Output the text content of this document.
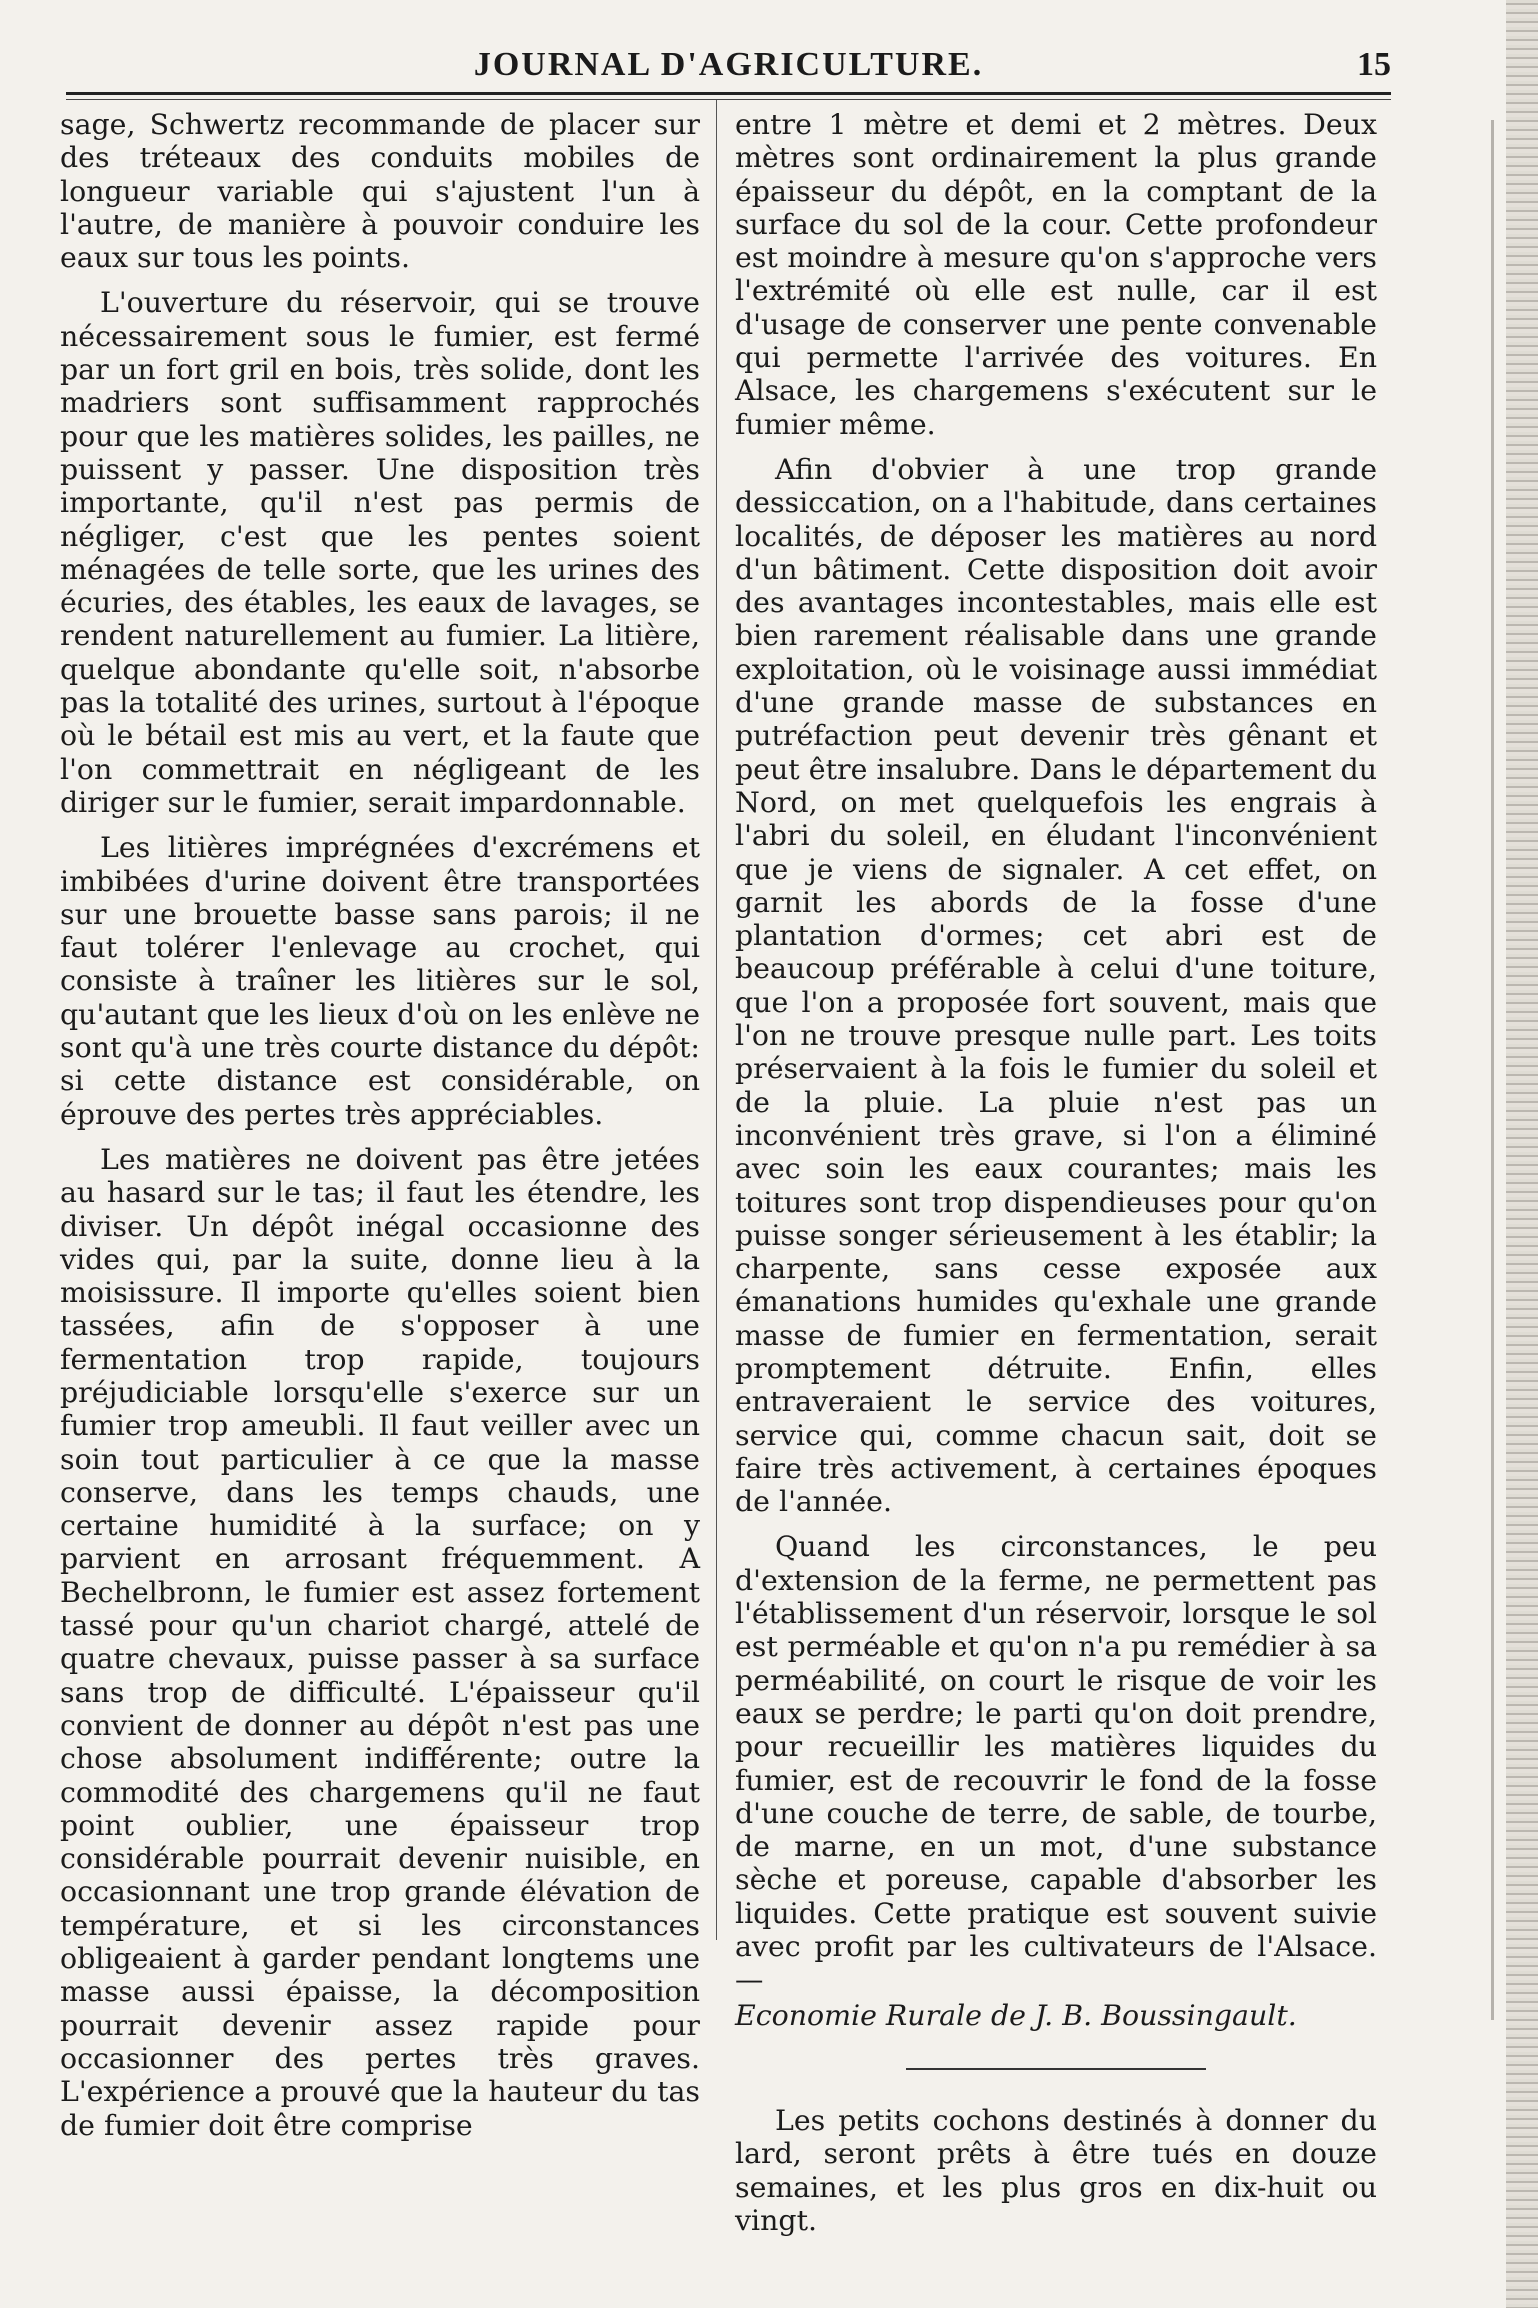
JOURNAL D'AGRICULTURE.	15

sage, Schwertz recommande de placer sur des tréteaux des conduits mobiles de longueur variable qui s'ajustent l'un à l'autre, de manière à pouvoir conduire les eaux sur tous les points.

L'ouverture du réservoir, qui se trouve nécessairement sous le fumier, est fermé par un fort gril en bois, très solide, dont les madriers sont suffisamment rapprochés pour que les matières solides, les pailles, ne puissent y passer. Une disposition très importante, qu'il n'est pas permis de négliger, c'est que les pentes soient ménagées de telle sorte, que les urines des écuries, des étables, les eaux de lavages, se rendent naturellement au fumier. La litière, quelque abondante qu'elle soit, n'absorbe pas la totalité des urines, surtout à l'époque où le bétail est mis au vert, et la faute que l'on commettrait en négligeant de les diriger sur le fumier, serait impardonnable.

Les litières imprégnées d'excrémens et imbibées d'urine doivent être transportées sur une brouette basse sans parois; il ne faut tolérer l'enlevage au crochet, qui consiste à traîner les litières sur le sol, qu'autant que les lieux d'où on les enlève ne sont qu'à une très courte distance du dépôt: si cette distance est considérable, on éprouve des pertes très appréciables.

Les matières ne doivent pas être jetées au hasard sur le tas; il faut les étendre, les diviser. Un dépôt inégal occasionne des vides qui, par la suite, donne lieu à la moisissure. Il importe qu'elles soient bien tassées, afin de s'opposer à une fermentation trop rapide, toujours préjudiciable lorsqu'elle s'exerce sur un fumier trop ameubli. Il faut veiller avec un soin tout particulier à ce que la masse conserve, dans les temps chauds, une certaine humidité à la surface; on y parvient en arrosant fréquemment. A Bechelbronn, le fumier est assez fortement tassé pour qu'un chariot chargé, attelé de quatre chevaux, puisse passer à sa surface sans trop de difficulté. L'épaisseur qu'il convient de donner au dépôt n'est pas une chose absolument indifférente; outre la commodité des chargemens qu'il ne faut point oublier, une épaisseur trop considérable pourrait devenir nuisible, en occasionnant une trop grande élévation de température, et si les circonstances obligeaient à garder pendant longtems une masse aussi épaisse, la décomposition pourrait devenir assez rapide pour occasionner des pertes très graves. L'expérience a prouvé que la hauteur du tas de fumier doit être comprise

entre 1 mètre et demi et 2 mètres. Deux mètres sont ordinairement la plus grande épaisseur du dépôt, en la comptant de la surface du sol de la cour. Cette profondeur est moindre à mesure qu'on s'approche vers l'extrémité où elle est nulle, car il est d'usage de conserver une pente convenable qui permette l'arrivée des voitures. En Alsace, les chargemens s'exécutent sur le fumier même.

Afin d'obvier à une trop grande dessiccation, on a l'habitude, dans certaines localités, de déposer les matières au nord d'un bâtiment. Cette disposition doit avoir des avantages incontestables, mais elle est bien rarement réalisable dans une grande exploitation, où le voisinage aussi immédiat d'une grande masse de substances en putréfaction peut devenir très gênant et peut être insalubre. Dans le département du Nord, on met quelquefois les engrais à l'abri du soleil, en éludant l'inconvénient que je viens de signaler. A cet effet, on garnit les abords de la fosse d'une plantation d'ormes; cet abri est de beaucoup préférable à celui d'une toiture, que l'on a proposée fort souvent, mais que l'on ne trouve presque nulle part. Les toits préservaient à la fois le fumier du soleil et de la pluie. La pluie n'est pas un inconvénient très grave, si l'on a éliminé avec soin les eaux courantes; mais les toitures sont trop dispendieuses pour qu'on puisse songer sérieusement à les établir; la charpente, sans cesse exposée aux émanations humides qu'exhale une grande masse de fumier en fermentation, serait promptement détruite. Enfin, elles entraveraient le service des voitures, service qui, comme chacun sait, doit se faire très activement, à certaines époques de l'année.

Quand les circonstances, le peu d'extension de la ferme, ne permettent pas l'établissement d'un réservoir, lorsque le sol est perméable et qu'on n'a pu remédier à sa perméabilité, on court le risque de voir les eaux se perdre; le parti qu'on doit prendre, pour recueillir les matières liquides du fumier, est de recouvrir le fond de la fosse d'une couche de terre, de sable, de tourbe, de marne, en un mot, d'une substance sèche et poreuse, capable d'absorber les liquides. Cette pratique est souvent suivie avec profit par les cultivateurs de l'Alsace.—

Economie Rurale de J. B. Boussingault.

Les petits cochons destinés à donner du lard, seront prêts à être tués en douze semaines, et les plus gros en dix-huit ou vingt.
